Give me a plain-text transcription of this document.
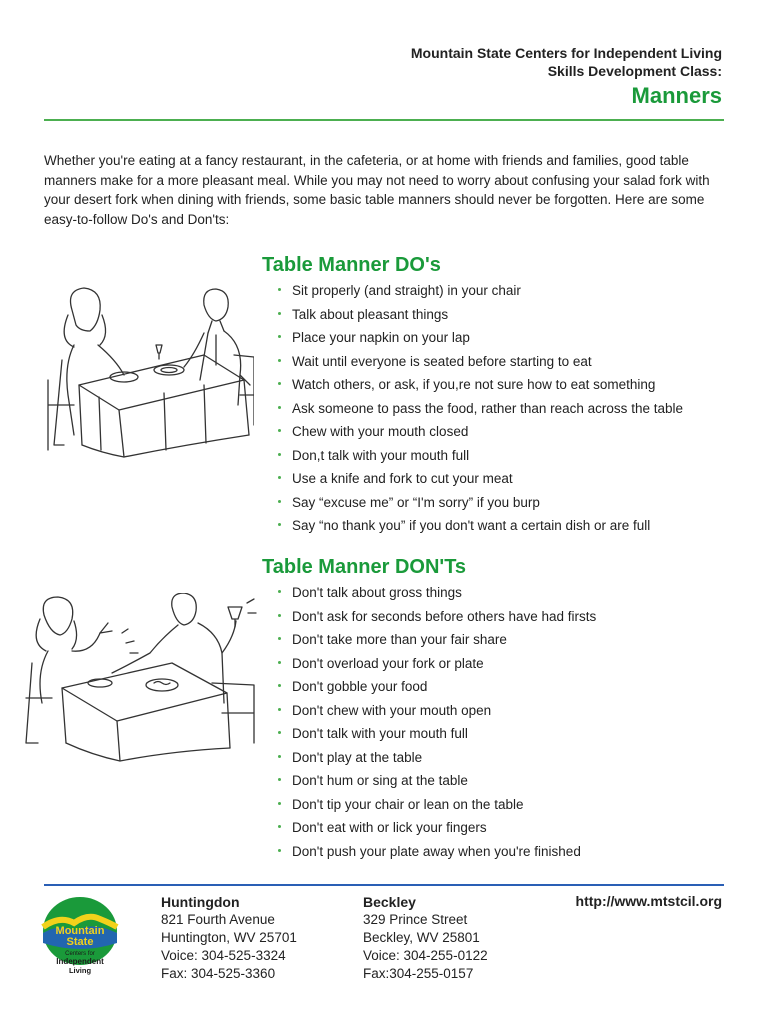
Mountain State Centers for Independent Living
Skills Development Class:
Manners

Whether you're eating at a fancy restaurant, in the cafeteria, or at home with friends and families, good table manners make for a more pleasant meal. While you may not need to worry about confusing your salad fork with your desert fork when dining with friends, some basic table manners should never be forgotten. Here are some easy-to-follow Do's and Don'ts:

Table Manner DO's
Sit properly (and straight) in your chair
Talk about pleasant things
Place your napkin on your lap
Wait until everyone is seated before starting to eat
Watch others, or ask, if you,re not sure how to eat something
Ask someone to pass the food, rather than reach across the table
Chew with your mouth closed
Don,t talk with your mouth full
Use a knife and fork to cut your meat
Say “excuse me” or “I'm sorry” if you burp
Say “no thank you” if you don't want a certain dish or are full
Table Manner DON'Ts
Don't talk about gross things
Don't ask for seconds before others have had firsts
Don't take more than your fair share
Don't overload your fork or plate
Don't gobble your food
Don't chew with your mouth open
Don't talk with your mouth full
Don't play at the table
Don't hum or sing at the table
Don't tip your chair or lean on the table
Don't eat with or lick your fingers
Don't push your plate away when you're finished
Mountain
State
Centers for
Independent
Living
Huntingdon
821 Fourth Avenue
Huntington, WV 25701
Voice: 304-525-3324
Fax: 304-525-3360
Beckley
329 Prince Street
Beckley, WV 25801
Voice: 304-255-0122
Fax:304-255-0157
http://www.mtstcil.org
